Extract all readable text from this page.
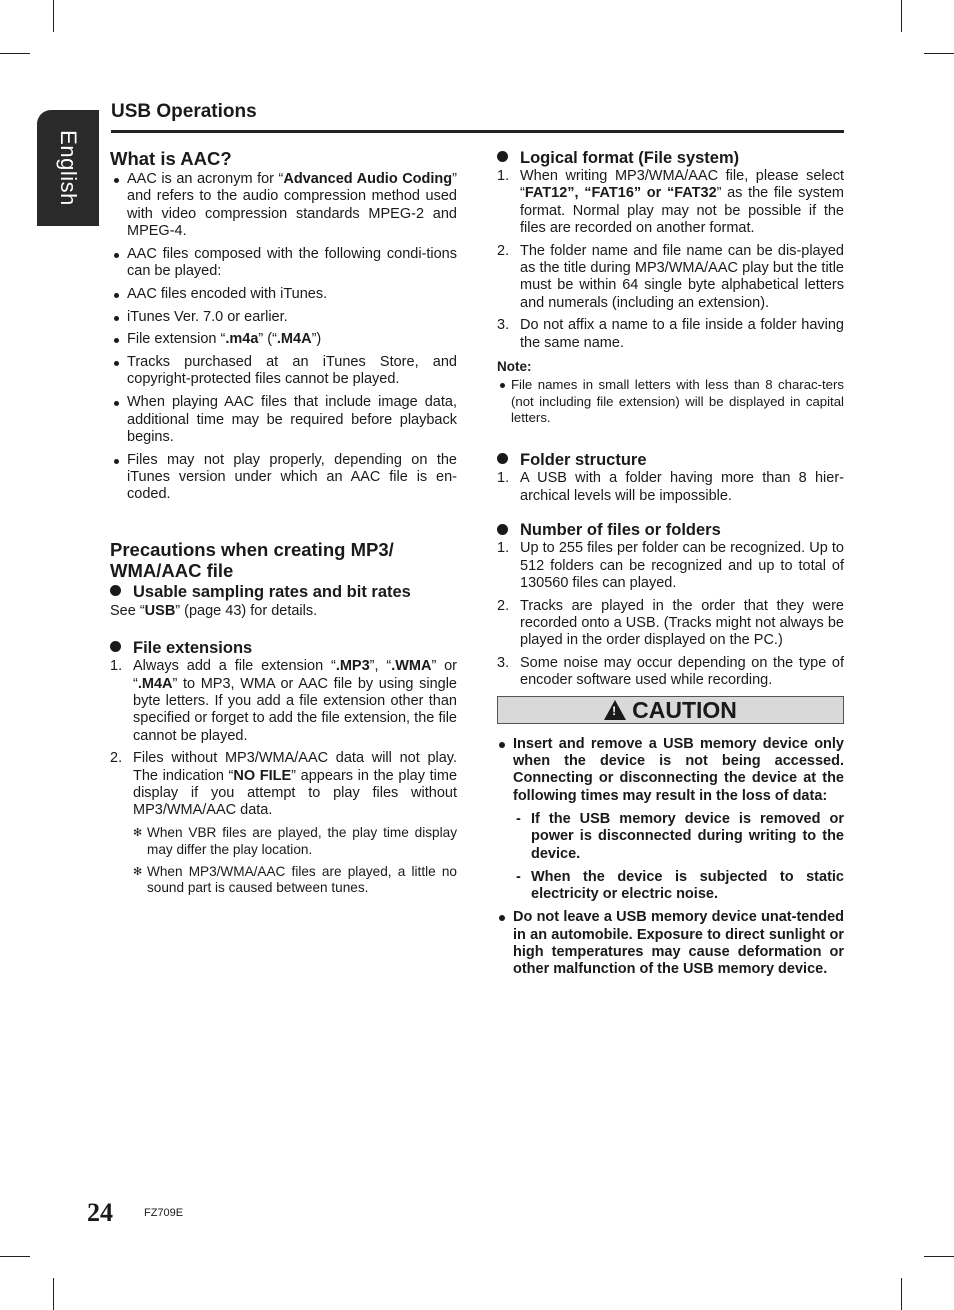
English
USB Operations
What is AAC?
AAC is an acronym for “Advanced Audio Coding” and refers to the audio compression method used with video compression standards MPEG-2 and MPEG-4.
AAC files composed with the following condi-tions can be played:
AAC files encoded with iTunes.
iTunes Ver. 7.0 or earlier.
File extension “.m4a” (“.M4A”)
Tracks purchased at an iTunes Store, and copyright-protected files cannot be played.
When playing AAC files that include image data, additional time may be required before playback begins.
Files may not play properly, depending on the iTunes version under which an AAC file is en-coded.
Precautions when creating MP3/ WMA/AAC file
Usable sampling rates and bit rates

See “USB” (page 43) for details.

File extensions
1. Always add a file extension “.MP3”, “.WMA” or “.M4A” to MP3, WMA or AAC file by using single byte letters. If you add a file extension other than specified or forget to add the file extension, the file cannot be played.
2. Files without MP3/WMA/AAC data will not play. The indication “NO FILE” appears in the play time display if you attempt to play files without MP3/WMA/AAC data.
✻ When VBR files are played, the play time display may differ the play location.
✻ When MP3/WMA/AAC files are played, a little no sound part is caused between tunes.
Logical format (File system)
1. When writing MP3/WMA/AAC file, please select “FAT12”, “FAT16” or “FAT32” as the file system format. Normal play may not be possible if the files are recorded on another format.
2. The folder name and file name can be dis-played as the title during MP3/WMA/AAC play but the title must be within 64 single byte alphabetical letters and numerals (including an extension).
3. Do not affix a name to a file inside a folder having the same name.
Note:
File names in small letters with less than 8 charac-ters (not including file extension) will be displayed in capital letters.
Folder structure
1. A USB with a folder having more than 8 hier-archical levels will be impossible.
Number of files or folders
1. Up to 255 files per folder can be recognized. Up to 512 folders can be recognized and up to total of 130560 files can played.
2. Tracks are played in the order that they were recorded onto a USB. (Tracks might not always be played in the order displayed on the PC.)
3. Some noise may occur depending on the type of encoder software used while recording.
! CAUTION
Insert and remove a USB memory device only when the device is not being accessed. Connecting or disconnecting the device at the following times may result in the loss of data:
- If the USB memory device is removed or power is disconnected during writing to the device.
- When the device is subjected to static electricity or electric noise.
Do not leave a USB memory device unat-tended in an automobile. Exposure to direct sunlight or high temperatures may cause deformation or other malfunction of the USB memory device.
24	FZ709E
